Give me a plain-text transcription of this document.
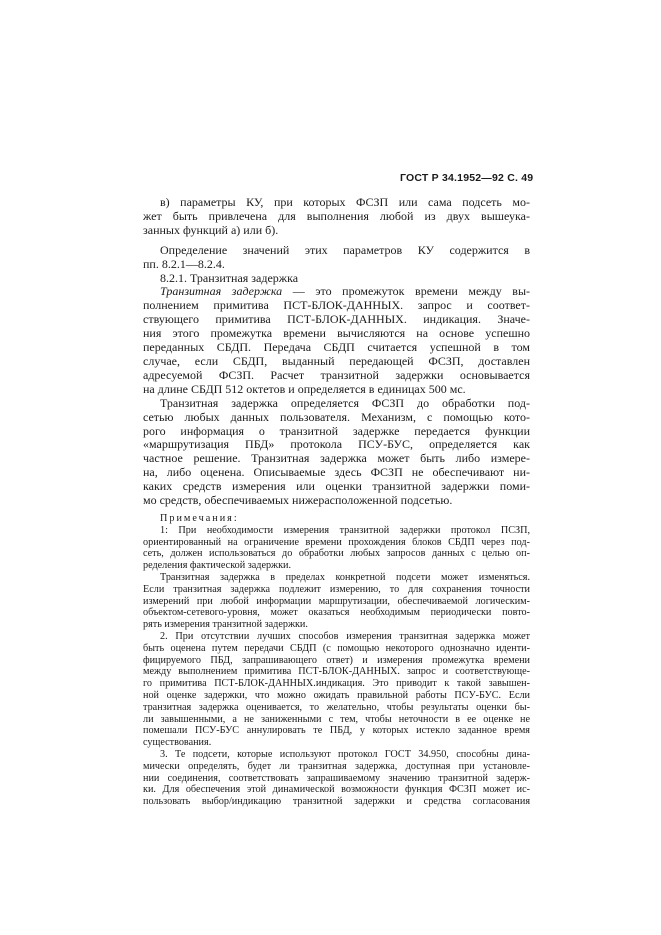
ГОСТ Р 34.1952—92 С. 49
в) параметры КУ, при которых ФСЗП или сама подсеть мо-
жет быть привлечена для выполнения любой из двух вышеука-
занных функций а) или б).
Определение значений этих параметров КУ содержится в
пп. 8.2.1—8.2.4.
8.2.1. Транзитная задержка
Транзитная задержка — это промежуток времени между вы-
полнением примитива ПСТ-БЛОК-ДАННЫХ. запрос и соответ-
ствующего примитива ПСТ-БЛОК-ДАННЫХ. индикация. Значе-
ния этого промежутка времени вычисляются на основе успешно
переданных СБДП. Передача СБДП считается успешной в том
случае, если СБДП, выданный передающей ФСЗП, доставлен
адресуемой ФСЗП. Расчет транзитной задержки основывается
на длине СБДП 512 октетов и определяется в единицах 500 мс.
Транзитная задержка определяется ФСЗП до обработки под-
сетью любых данных пользователя. Механизм, с помощью кото-
рого информация о транзитной задержке передается функции
«маршрутизация ПБД» протокола ПСУ-БУС, определяется как
частное решение. Транзитная задержка может быть либо измере-
на, либо оценена. Описываемые здесь ФСЗП не обеспечивают ни-
каких средств измерения или оценки транзитной задержки поми-
мо средств, обеспечиваемых нижерасположенной подсетью.
Примечания:
1: При необходимости измерения транзитной задержки протокол ПСЗП,
ориентированный на ограничение времени прохождения блоков СБДП через под-
сеть, должен использоваться до обработки любых запросов данных с целью оп-
ределения фактической задержки.
Транзитная задержка в пределах конкретной подсети может изменяться.
Если транзитная задержка подлежит измерению, то для сохранения точности
измерений при любой информации маршрутизации, обеспечиваемой логическим-
объектом-сетевого-уровня, может оказаться необходимым периодически повто-
рять измерения транзитной задержки.
2. При отсутствии лучших способов измерения транзитная задержка может
быть оценена путем передачи СБДП (с помощью некоторого однозначно иденти-
фицируемого ПБД, запрашивающего ответ) и измерения промежутка времени
между выполнением примитива ПСТ-БЛОК-ДАННЫХ. запрос и соответствующе-
го примитива ПСТ-БЛОК-ДАННЫХ.индикация. Это приводит к такой завышен-
ной оценке задержки, что можно ожидать правильной работы ПСУ-БУС. Если
транзитная задержка оценивается, то желательно, чтобы результаты оценки бы-
ли завышенными, а не заниженными с тем, чтобы неточности в ее оценке не
помешали ПСУ-БУС аннулировать те ПБД, у которых истекло заданное время
существования.
3. Те подсети, которые используют протокол ГОСТ 34.950, способны дина-
мически определять, будет ли транзитная задержка, доступная при установле-
нии соединения, соответствовать запрашиваемому значению транзитной задерж-
ки. Для обеспечения этой динамической возможности функция ФСЗП может ис-
пользовать выбор/индикацию транзитной задержки и средства согласования
